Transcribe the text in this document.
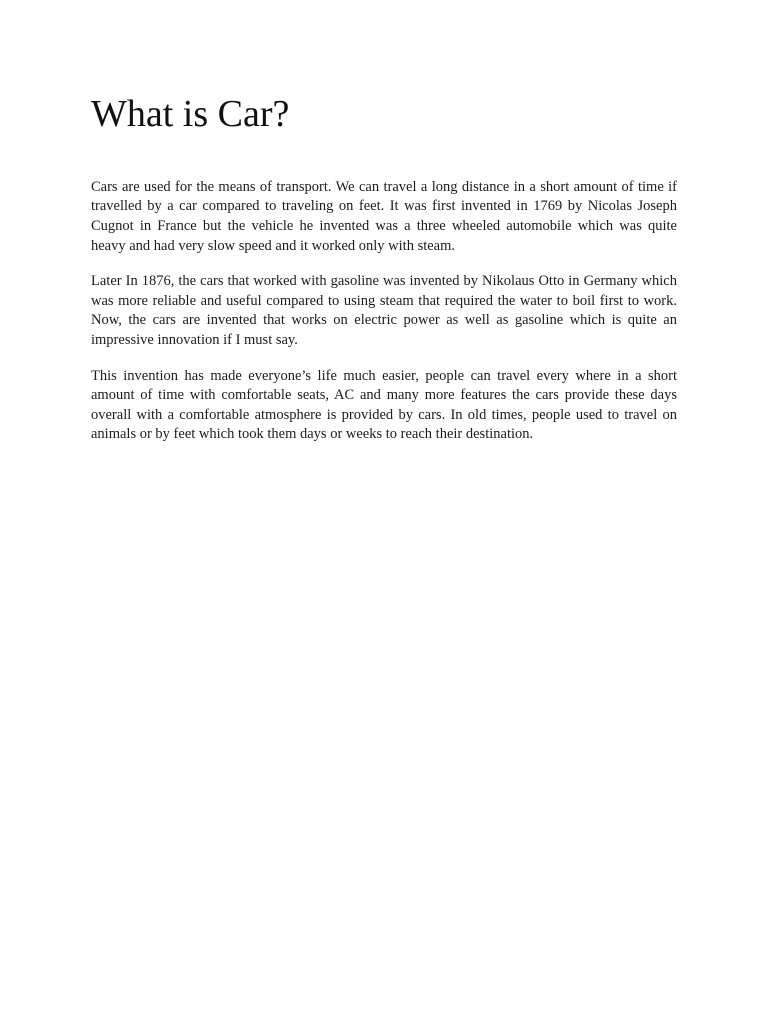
What is Car?

Cars are used for the means of transport. We can travel a long distance in a short amount of time if travelled by a car compared to traveling on feet. It was first invented in 1769 by Nicolas Joseph Cugnot in France but the vehicle he invented was a three wheeled automobile which was quite heavy and had very slow speed and it worked only with steam.

Later In 1876, the cars that worked with gasoline was invented by Nikolaus Otto in Germany which was more reliable and useful compared to using steam that required the water to boil first to work. Now, the cars are invented that works on electric power as well as gasoline which is quite an impressive innovation if I must say.

This invention has made everyone’s life much easier, people can travel every where in a short amount of time with comfortable seats, AC and many more features the cars provide these days overall with a comfortable atmosphere is provided by cars. In old times, people used to travel on animals or by feet which took them days or weeks to reach their destination.
